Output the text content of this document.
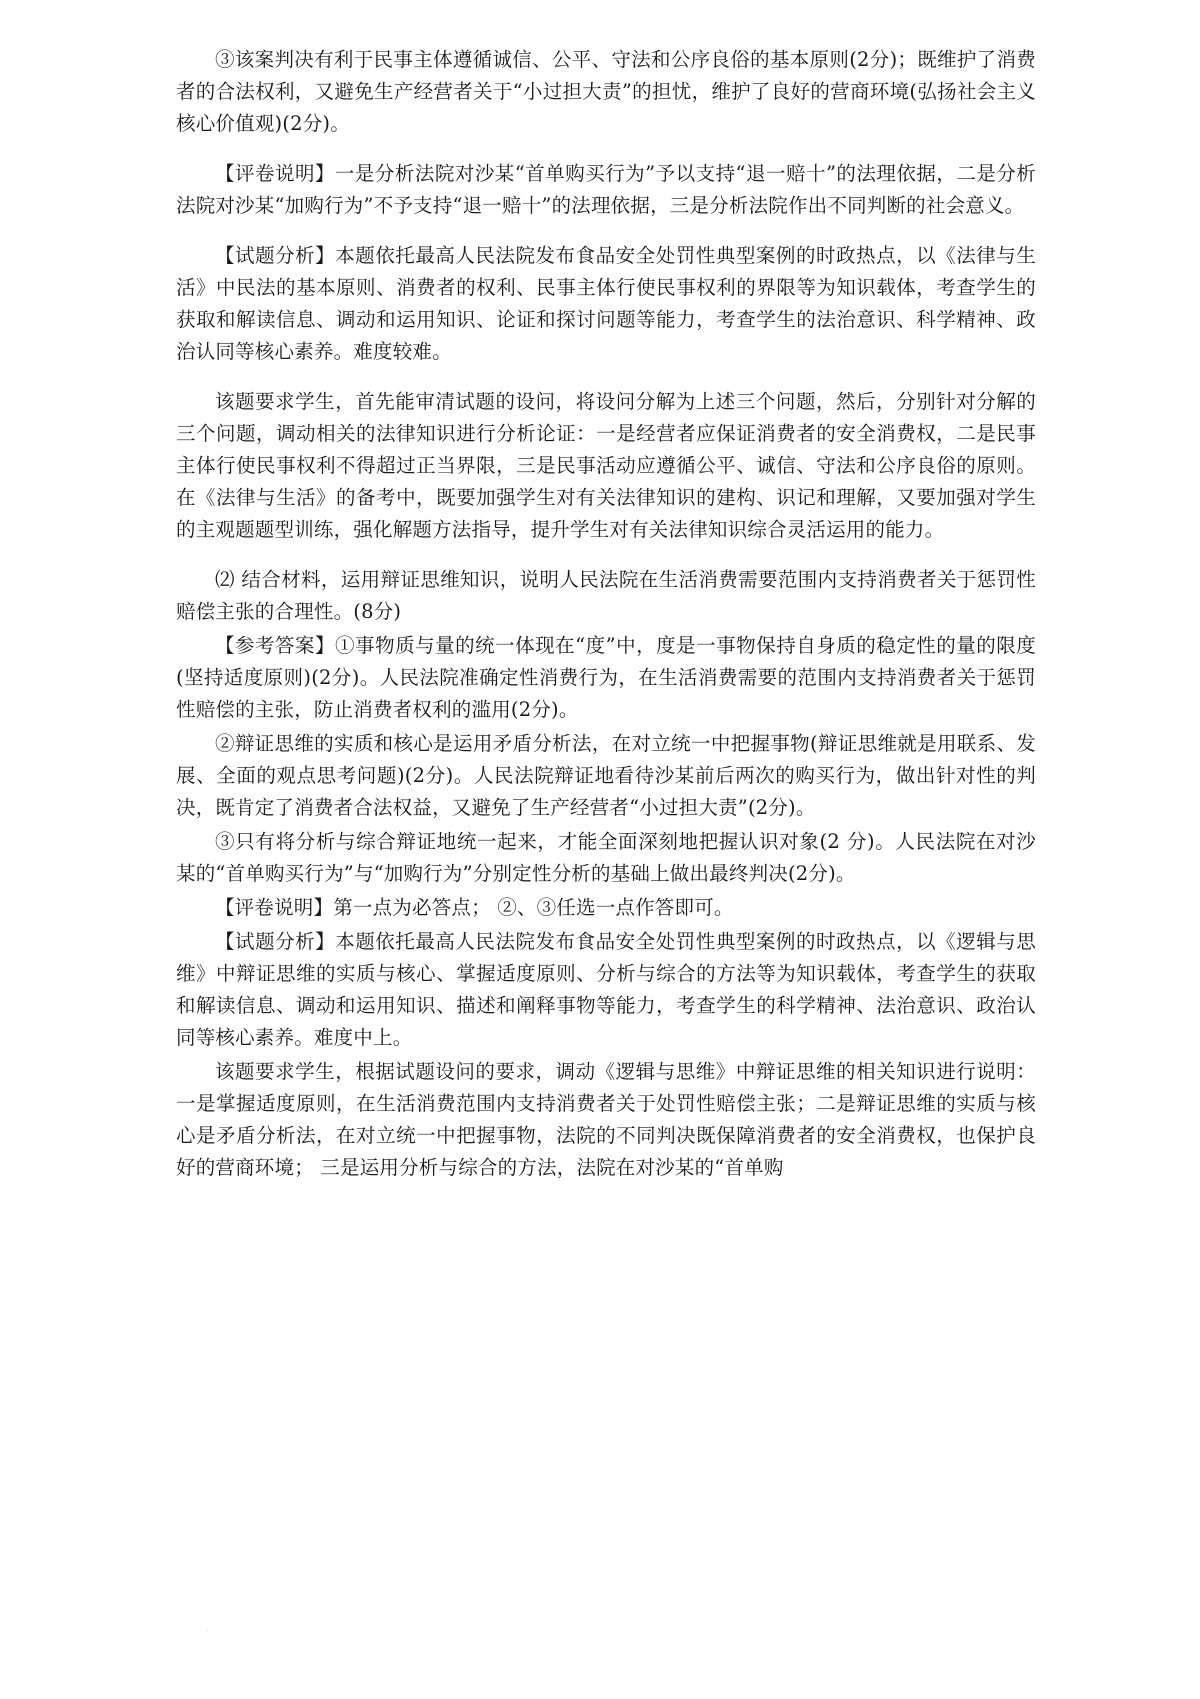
③该案判决有利于民事主体遵循诚信、公平、守法和公序良俗的基本原则(2分)；既维护了消费者的合法权利，又避免生产经营者关于“小过担大责”的担忧，维护了良好的营商环境(弘扬社会主义核心价值观)(2分)。

【评卷说明】一是分析法院对沙某“首单购买行为”予以支持“退一赔十”的法理依据，二是分析法院对沙某“加购行为”不予支持“退一赔十”的法理依据，三是分析法院作出不同判断的社会意义。

【试题分析】本题依托最高人民法院发布食品安全处罚性典型案例的时政热点，以《法律与生活》中民法的基本原则、消费者的权利、民事主体行使民事权利的界限等为知识载体，考查学生的获取和解读信息、调动和运用知识、论证和探讨问题等能力，考查学生的法治意识、科学精神、政治认同等核心素养。难度较难。

该题要求学生，首先能审清试题的设问，将设问分解为上述三个问题，然后，分别针对分解的三个问题，调动相关的法律知识进行分析论证：一是经营者应保证消费者的安全消费权，二是民事主体行使民事权利不得超过正当界限，三是民事活动应遵循公平、诚信、守法和公序良俗的原则。在《法律与生活》的备考中，既要加强学生对有关法律知识的建构、识记和理解，又要加强对学生的主观题题型训练，强化解题方法指导，提升学生对有关法律知识综合灵活运用的能力。

⑵ 结合材料，运用辩证思维知识，说明人民法院在生活消费需要范围内支持消费者关于惩罚性赔偿主张的合理性。(8分)

【参考答案】①事物质与量的统一体现在“度”中，度是一事物保持自身质的稳定性的量的限度(坚持适度原则)(2分)。人民法院准确定性消费行为，在生活消费需要的范围内支持消费者关于惩罚性赔偿的主张，防止消费者权利的滥用(2分)。

②辩证思维的实质和核心是运用矛盾分析法，在对立统一中把握事物(辩证思维就是用联系、发展、全面的观点思考问题)(2分)。人民法院辩证地看待沙某前后两次的购买行为，做出针对性的判决，既肯定了消费者合法权益，又避免了生产经营者“小过担大责”(2分)。

③只有将分析与综合辩证地统一起来，才能全面深刻地把握认识对象(2 分)。人民法院在对沙某的“首单购买行为”与“加购行为”分别定性分析的基础上做出最终判决(2分)。

【评卷说明】第一点为必答点； ②、③任选一点作答即可。

【试题分析】本题依托最高人民法院发布食品安全处罚性典型案例的时政热点，以《逻辑与思维》中辩证思维的实质与核心、掌握适度原则、分析与综合的方法等为知识载体，考查学生的获取和解读信息、调动和运用知识、描述和阐释事物等能力，考查学生的科学精神、法治意识、政治认同等核心素养。难度中上。

该题要求学生，根据试题设问的要求，调动《逻辑与思维》中辩证思维的相关知识进行说明：一是掌握适度原则，在生活消费范围内支持消费者关于处罚性赔偿主张；二是辩证思维的实质与核心是矛盾分析法，在对立统一中把握事物，法院的不同判决既保障消费者的安全消费权，也保护良好的营商环境； 三是运用分析与综合的方法，法院在对沙某的“首单购

·
